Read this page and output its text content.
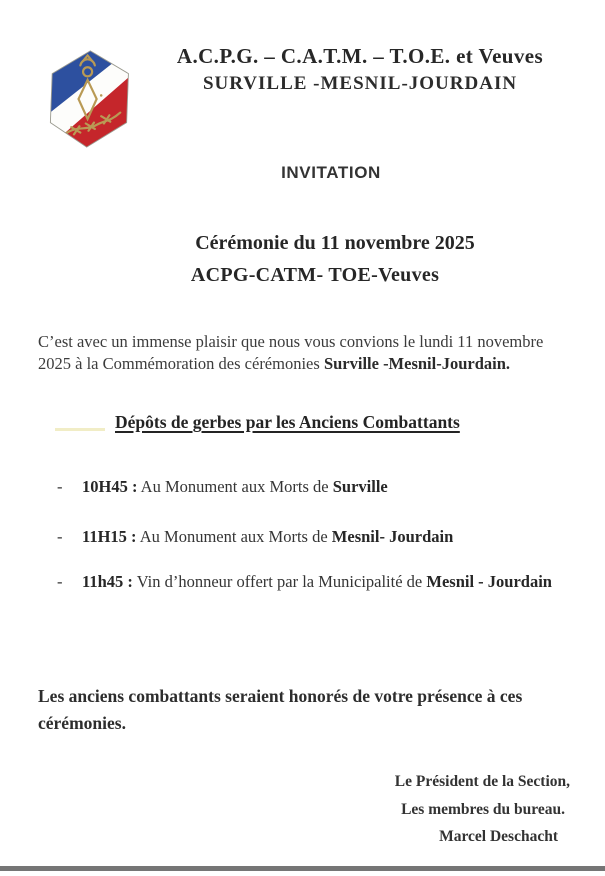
A.C.P.G. – C.A.T.M. – T.O.E. et Veuves
SURVILLE -MESNIL-JOURDAIN
INVITATION
Cérémonie du 11 novembre 2025
ACPG-CATM- TOE-Veuves

C’est avec un immense plaisir que nous vous convions le lundi 11 novembre 2025 à la Commémoration des cérémonies Surville -Mesnil-Jourdain.

Dépôts de gerbes par les Anciens Combattants
- 10H45 : Au Monument aux Morts de Surville
- 11H15 : Au Monument aux Morts de Mesnil- Jourdain
- 11h45 : Vin d’honneur offert par la Municipalité de Mesnil - Jourdain

Les anciens combattants seraient honorés de votre présence à ces cérémonies.

Le Président de la Section,
Les membres du bureau.
Marcel Deschacht
